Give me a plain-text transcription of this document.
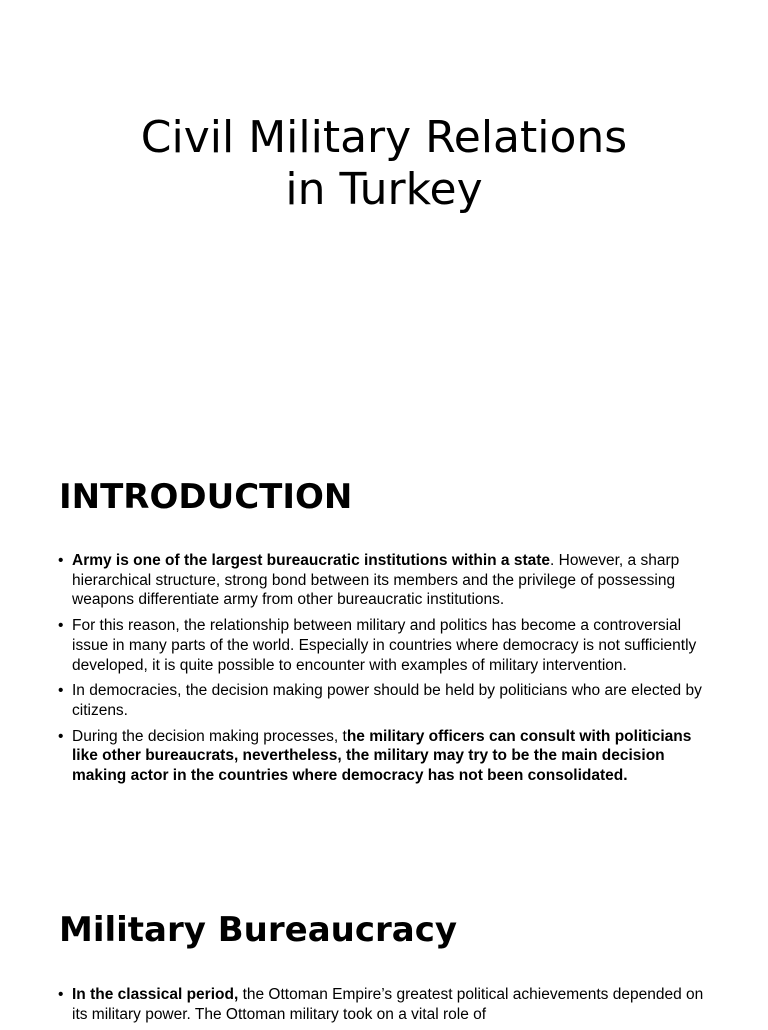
Civil Military Relations
in Turkey
INTRODUCTION
• Army is one of the largest bureaucratic institutions within a state. However, a sharp hierarchical structure, strong bond between its members and the privilege of possessing weapons differentiate army from other bureaucratic institutions.
• For this reason, the relationship between military and politics has become a controversial issue in many parts of the world. Especially in countries where democracy is not sufficiently developed, it is quite possible to encounter with examples of military intervention.
• In democracies, the decision making power should be held by politicians who are elected by citizens.
• During the decision making processes, the military officers can consult with politicians like other bureaucrats, nevertheless, the military may try to be the main decision making actor in the countries where democracy has not been consolidated.
Military Bureaucracy
• In the classical period, the Ottoman Empire’s greatest political achievements depended on its military power. The Ottoman military took on a vital role of
